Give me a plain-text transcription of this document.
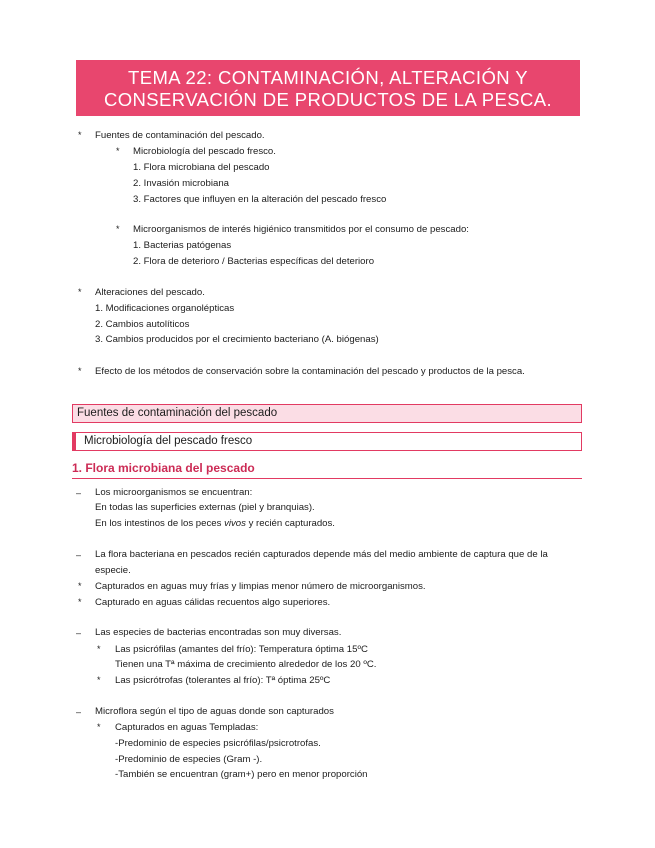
TEMA 22: CONTAMINACIÓN, ALTERACIÓN Y
CONSERVACIÓN DE PRODUCTOS DE LA PESCA.
* Fuentes de contaminación del pescado.
* Microbiología del pescado fresco.
1. Flora microbiana del pescado
2. Invasión microbiana
3. Factores que influyen en la alteración del pescado fresco
* Microorganismos de interés higiénico transmitidos por el consumo de pescado:
1. Bacterias patógenas
2. Flora de deterioro / Bacterias específicas del deterioro
* Alteraciones del pescado.
1. Modificaciones organolépticas
2. Cambios autolíticos
3. Cambios producidos por el crecimiento bacteriano (A. biógenas)
* Efecto de los métodos de conservación sobre la contaminación del pescado y productos de la pesca.
Fuentes de contaminación del pescado
Microbiología del pescado fresco
1. Flora microbiana del pescado
– Los microorganismos se encuentran:
En todas las superficies externas (piel y branquias).
En los intestinos de los peces vivos y recién capturados.
– La flora bacteriana en pescados recién capturados depende más del medio ambiente de captura que de la
especie.
* Capturados en aguas muy frías y limpias menor número de microorganismos.
* Capturado en aguas cálidas recuentos algo superiores.
– Las especies de bacterias encontradas son muy diversas.
* Las psicrófilas (amantes del frío): Temperatura óptima 15ºC
Tienen una Tª máxima de crecimiento alrededor de los 20 ºC.
* Las psicrótrofas (tolerantes al frío): Tª óptima 25ºC
– Microflora según el tipo de aguas donde son capturados
* Capturados en aguas Templadas:
-Predominio de especies psicrófilas/psicrotrofas.
-Predominio de especies (Gram -).
-También se encuentran (gram+) pero en menor proporción
